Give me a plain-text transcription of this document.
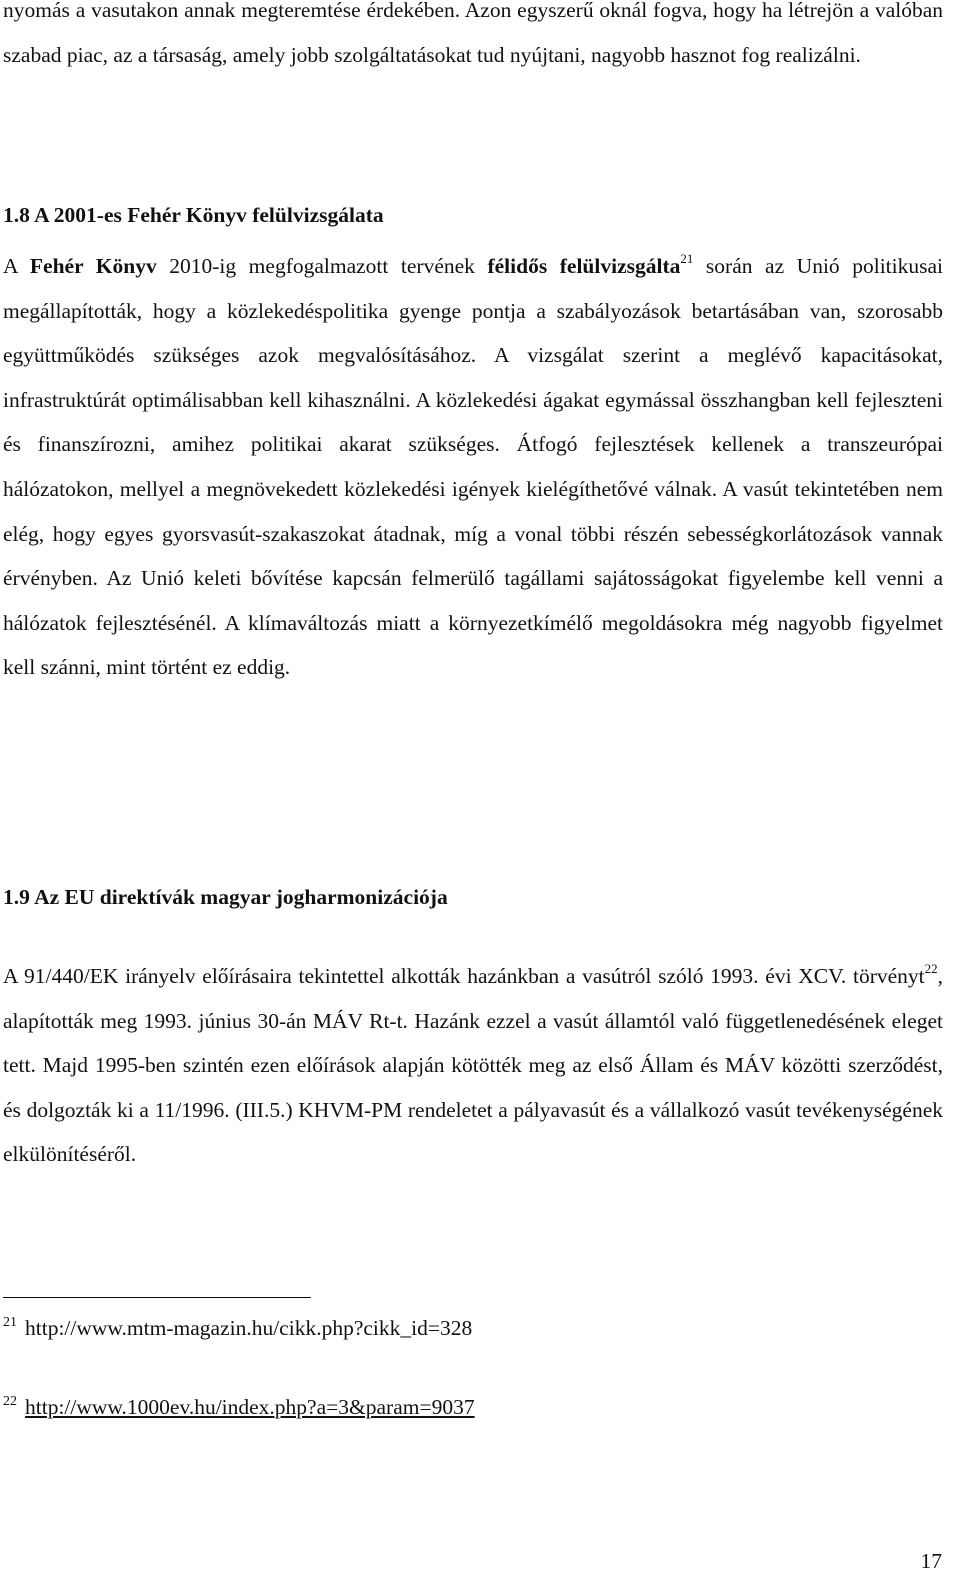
nyomás a vasutakon annak megteremtése érdekében. Azon egyszerű oknál fogva, hogy ha létrejön a valóban szabad piac, az a társaság, amely jobb szolgáltatásokat tud nyújtani, nagyobb hasznot fog realizálni.

1.8 A 2001-es Fehér Könyv felülvizsgálata

A Fehér Könyv 2010-ig megfogalmazott tervének félidős felülvizsgálta$^{21}$ során az Unió politikusai megállapították, hogy a közlekedéspolitika gyenge pontja a szabályozások betartásában van, szorosabb együttműködés szükséges azok megvalósításához. A vizsgálat szerint a meglévő kapacitásokat, infrastruktúrát optimálisabban kell kihasználni. A közlekedési ágakat egymással összhangban kell fejleszteni és finanszírozni, amihez politikai akarat szükséges. Átfogó fejlesztések kellenek a transzeurópai hálózatokon, mellyel a megnövekedett közlekedési igények kielégíthetővé válnak. A vasút tekintetében nem elég, hogy egyes gyorsvasút-szakaszokat átadnak, míg a vonal többi részén sebességkorlátozások vannak érvényben. Az Unió keleti bővítése kapcsán felmerülő tagállami sajátosságokat figyelembe kell venni a hálózatok fejlesztésénél. A klímaváltozás miatt a környezetkímélő megoldásokra még nagyobb figyelmet kell szánni, mint történt ez eddig.

1.9 Az EU direktívák magyar jogharmonizációja

A 91/440/EK irányelv előírásaira tekintettel alkották hazánkban a vasútról szóló 1993. évi XCV. törvényt$^{22}$, alapították meg 1993. június 30-án MÁV Rt-t. Hazánk ezzel a vasút államtól való függetlenedésének eleget tett. Majd 1995-ben szintén ezen előírások alapján kötötték meg az első Állam és MÁV közötti szerződést, és dolgozták ki a 11/1996. (III.5.) KHVM-PM rendeletet a pályavasút és a vállalkozó vasút tevékenységének elkülönítéséről.

$^{21}$ http://www.mtm-magazin.hu/cikk.php?cikk_id=328

$^{22}$ http://www.1000ev.hu/index.php?a=3&param=9037

17
